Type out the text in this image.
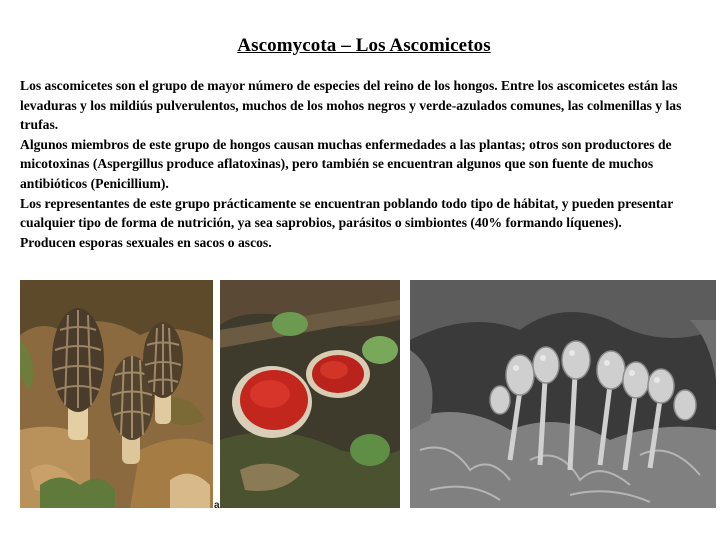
Ascomycota – Los Ascomicetos

Los ascomicetes son el grupo de mayor número de especies del reino de los hongos. Entre los ascomicetes están las levaduras y los mildiús pulverulentos, muchos de los mohos negros y verde-azulados comunes, las colmenillas y las trufas.

Algunos miembros de este grupo de hongos causan muchas enfermedades a las plantas; otros son productores de micotoxinas (Aspergillus produce aflatoxinas), pero también se encuentran algunos que son fuente de muchos antibióticos (Penicillium).

Los representantes de este grupo prácticamente se encuentran poblando todo tipo de hábitat, y pueden presentar cualquier tipo de forma de nutrición, ya sea saprobios, parásitos o simbiontes (40% formando líquenes).

Producen esporas sexuales en sacos o ascos.

a
